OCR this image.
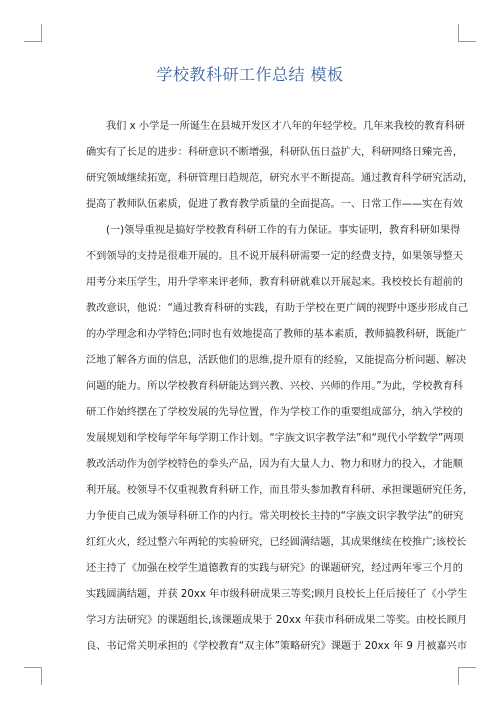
学校教科研工作总结 模板
我们 x 小学是一所诞生在县城开发区才八年的年轻学校。几年来我校的教育科研
确实有了长足的进步：科研意识不断增强，科研队伍日益扩大，科研网络日臻完善，
研究领域继续拓宽，科研管理日趋规范，研究水平不断提高。通过教育科学研究活动，
提高了教师队伍素质，促进了教育教学质量的全面提高。一、日常工作——实在有效
(一)领导重视是搞好学校教育科研工作的有力保证。事实证明，教育科研如果得
不到领导的支持是很难开展的。且不说开展科研需要一定的经费支持，如果领导整天
用考分来压学生，用升学率来评老师，教育科研就难以开展起来。我校校长有超前的
教改意识，他说：“通过教育科研的实践，有助于学校在更广阔的视野中逐步形成自己
的办学理念和办学特色;同时也有效地提高了教师的基本素质，教师搞教科研，既能广
泛地了解各方面的信息，活跃他们的思维,提升原有的经验，又能提高分析问题、解决
问题的能力。所以学校教育科研能达到兴教、兴校、兴师的作用。”为此，学校教育科
研工作始终摆在了学校发展的先导位置，作为学校工作的重要组成部分，纳入学校的
发展规划和学校每学年每学期工作计划。“字族文识字教学法”和“现代小学数学”两项
教改活动作为创学校特色的拳头产品，因为有大量人力、物力和财力的投入，才能顺
利开展。校领导不仅重视教育科研工作，而且带头参加教育科研、承担课题研究任务，
力争使自己成为领导科研工作的内行。常关明校长主持的“字族文识字教学法”的研究
红红火火，经过整六年两轮的实验研究，已经圆满结题，其成果继续在校推广;该校长
还主持了《加强在校学生道德教育的实践与研究》的课题研究，经过两年零三个月的
实践圆满结题，并获 20xx 年市级科研成果三等奖;顾月良校长上任后接任了《小学生
学习方法研究》的课题组长,该课题成果于 20xx 年获市科研成果二等奖。由校长顾月
良、书记常关明承担的《学校教育“双主体”策略研究》课题于 20xx 年 9 月被嘉兴市
